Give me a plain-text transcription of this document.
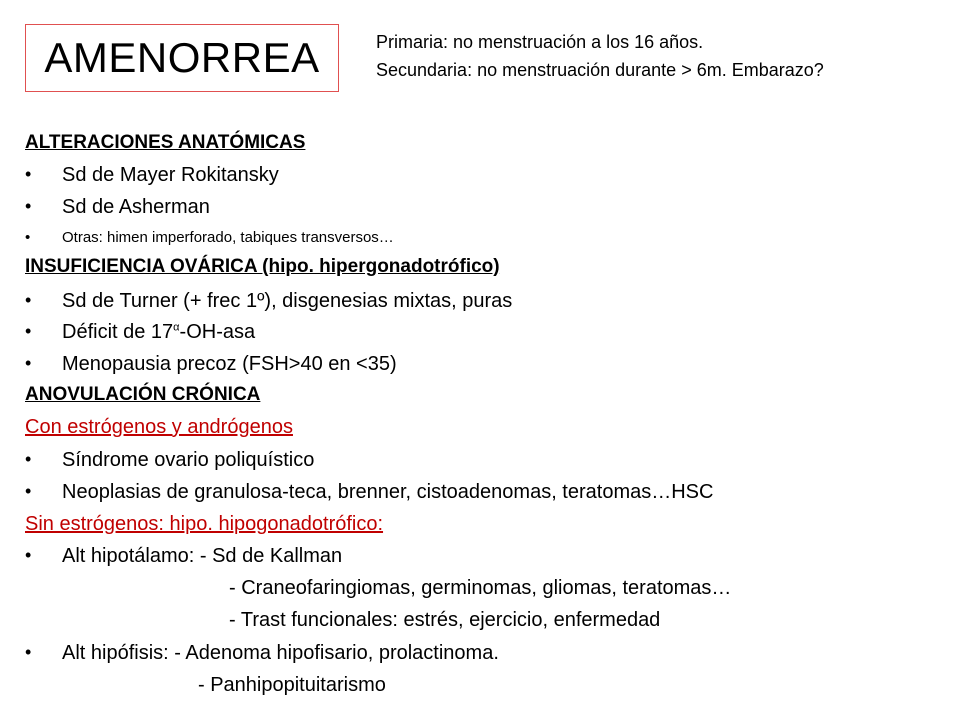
AMENORREA	Primaria: no menstruación a los 16 años.
Secundaria: no menstruación durante > 6m. Embarazo?
ALTERACIONES ANATÓMICAS
• Sd de Mayer Rokitansky
• Sd de Asherman
• Otras: himen imperforado, tabiques transversos…
INSUFICIENCIA OVÁRICA (hipo. hipergonadotrófico)
• Sd de Turner (+ frec 1º), disgenesias mixtas, puras
• Déficit de $17^\alpha-OH$-asa
• Menopausia precoz (FSH>40 en <35)
ANOVULACIÓN CRÓNICA
Con estrógenos y andrógenos
• Síndrome ovario poliquístico
• Neoplasias de granulosa-teca, brenner, cistoadenomas, teratomas…HSC
Sin estrógenos: hipo. hipogonadotrófico:
• Alt hipotálamo: - Sd de Kallman
- Craneofaringiomas, germinomas, gliomas, teratomas…
- Trast funcionales: estrés, ejercicio, enfermedad
• Alt hipófisis: - Adenoma hipofisario, prolactinoma.
- Panhipopituitarismo
